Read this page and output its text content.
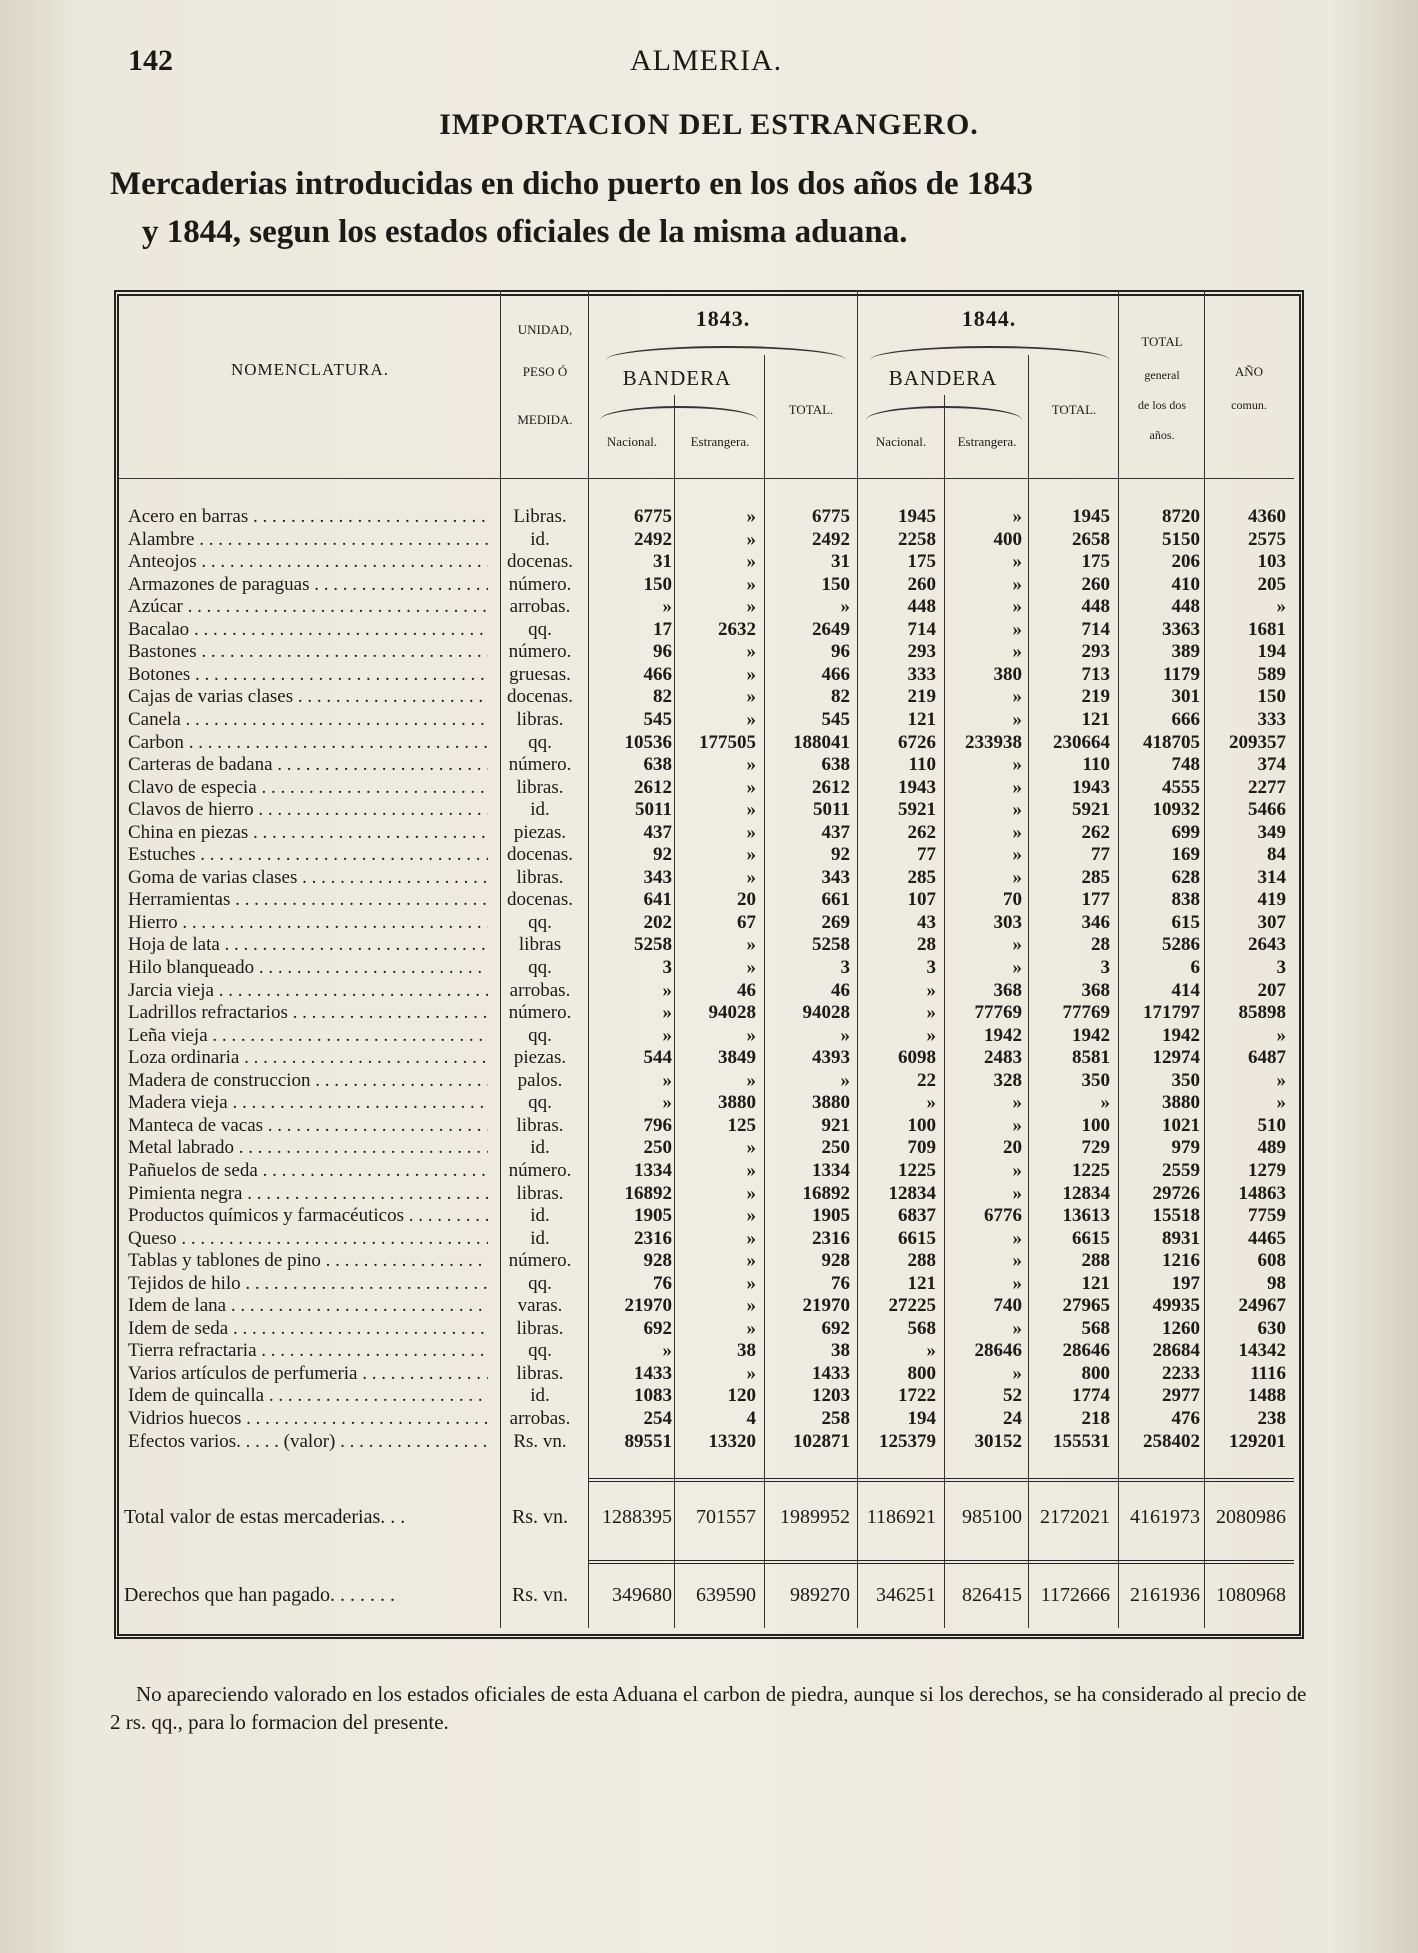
142	ALMERIA.
IMPORTACION DEL ESTRANGERO.
Mercaderias introducidas en dicho puerto en los dos años de 1843
y 1844, segun los estados oficiales de la misma aduana.
NOMENCLATURA.
UNIDAD,
PESO Ó
MEDIDA.
1843.
BANDERA
Nacional.	Estrangera.
TOTAL.
1844.
BANDERA
Nacional.	Estrangera.
TOTAL.
TOTAL
general
de los dos
años.
AÑO
comun.
Acero en barras . . .	Libras.	6775	»	6775	1945	»	1945	8720	4360
Alambre . . .	id.	2492	»	2492	2258	400	2658	5150	2575
Anteojos . . .	docenas.	31	»	31	175	»	175	206	103
Armazones de paraguas . . .	número.	150	»	150	260	»	260	410	205
Azúcar . . .	arrobas.	»	»	»	448	»	448	448	»
Bacalao . . .	qq.	17	2632	2649	714	»	714	3363	1681
Bastones . . .	número.	96	»	96	293	»	293	389	194
Botones . . .	gruesas.	466	»	466	333	380	713	1179	589
Cajas de varias clases . . .	docenas.	82	»	82	219	»	219	301	150
Canela . . .	libras.	545	»	545	121	»	121	666	333
Carbon . . .	qq.	10536	177505	188041	6726	233938	230664	418705	209357
Carteras de badana . . .	número.	638	»	638	110	»	110	748	374
Clavo de especia . . .	libras.	2612	»	2612	1943	»	1943	4555	2277
Clavos de hierro . . .	id.	5011	»	5011	5921	»	5921	10932	5466
China en piezas . . .	piezas.	437	»	437	262	»	262	699	349
Estuches . . .	docenas.	92	»	92	77	»	77	169	84
Goma de varias clases . . .	libras.	343	»	343	285	»	285	628	314
Herramientas . . .	docenas.	641	20	661	107	70	177	838	419
Hierro . . .	qq.	202	67	269	43	303	346	615	307
Hoja de lata . . .	libras	5258	»	5258	28	»	28	5286	2643
Hilo blanqueado . . .	qq.	3	»	3	3	»	3	6	3
Jarcia vieja . . .	arrobas.	»	46	46	»	368	368	414	207
Ladrillos refractarios . . .	número.	»	94028	94028	»	77769	77769	171797	85898
Leña vieja . . .	qq.	»	»	»	»	1942	1942	1942	»
Loza ordinaria . . .	piezas.	544	3849	4393	6098	2483	8581	12974	6487
Madera de construccion . . .	palos.	»	»	»	22	328	350	350	»
Madera vieja . . .	qq.	»	3880	3880	»	»	»	3880	»
Manteca de vacas . . .	libras.	796	125	921	100	»	100	1021	510
Metal labrado . . .	id.	250	»	250	709	20	729	979	489
Pañuelos de seda . . .	número.	1334	»	1334	1225	»	1225	2559	1279
Pimienta negra . . .	libras.	16892	»	16892	12834	»	12834	29726	14863
Productos químicos y farmacéuticos . . .	id.	1905	»	1905	6837	6776	13613	15518	7759
Queso . . .	id.	2316	»	2316	6615	»	6615	8931	4465
Tablas y tablones de pino . . .	número.	928	»	928	288	»	288	1216	608
Tejidos de hilo . . .	qq.	76	»	76	121	»	121	197	98
Idem de lana . . .	varas.	21970	»	21970	27225	740	27965	49935	24967
Idem de seda . . .	libras.	692	»	692	568	»	568	1260	630
Tierra refractaria . . .	qq.	»	38	38	»	28646	28646	28684	14342
Varios artículos de perfumeria . . .	libras.	1433	»	1433	800	»	800	2233	1116
Idem de quincalla . . .	id.	1083	120	1203	1722	52	1774	2977	1488
Vidrios huecos . . .	arrobas.	254	4	258	194	24	218	476	238
Efectos varios. . . . . (valor) . . .	Rs. vn.	89551	13320	102871	125379	30152	155531	258402	129201
Total valor de estas mercaderias. . .	Rs. vn.	1288395	701557	1989952 1186921	985100 2172021	4161973 2080986
Derechos que han pagado. . . . . . .	Rs. vn.	349680	639590	989270	346251	826415 1172666	2161936 1080968
No apareciendo valorado en los estados oficiales de esta Aduana el carbon de piedra, aunque si los derechos, se ha considerado al precio de 2 rs. qq., para lo formacion del presente.
